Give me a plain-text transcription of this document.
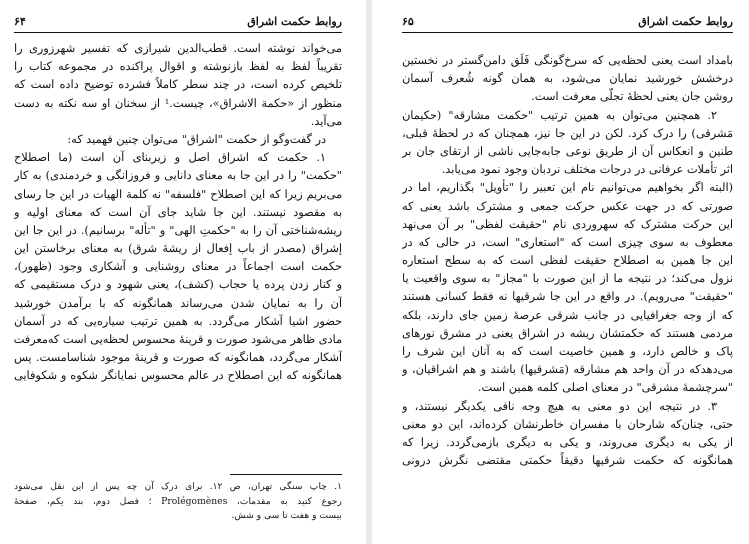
روابط حکمت اشراق
۶۴
می‌خواند نوشته است. قطب‌الدین شیرازی که تفسیر شهرزوری را
تقریباً لفظ به لفظ بازنوشته و اقوال پراکنده در مجموعه کتاب را
تلخیص کرده است، در چند سطر کاملاً فشرده توضیح داده است که
منظور از «حکمة الاشراق»، چیست.¹ از سخنان او سه نکته به دست
می‌آید.
در گفت‌وگو از حکمت "اشراق" می‌توان چنین فهمید که:
۱. حکمت که اشراق اصل و زیربنای آن است (ما اصطلاح
"حکمت" را در این جا به معنای دانایی و فروزانگی و خردمندی) به کار
می‌بریم زیرا که این اصطلاح "فلسفه" نه کلمة الهیات در این جا رسای
به مقصود نیستند. این جا شاید جای آن است که معنای اولیه و
ریشه‌شناختی آن را به "حکمتِ الهی" و "تأله" برسانیم). در این جا این
إشراق (مصدر از باب إفعال از ریشهٔ شرق) به معنای برخاستن این
حکمت است اجماعاً در معنای روشنایی و آشکاری وجود (ظهور)،
و کنار زدن پرده یا حجاب (کشف)، یعنی شهود و درک مستقیمی که
آن را به نمایان شدن می‌رساند همانگونه که با برآمدن خورشید
حضور اشیا آشکار می‌گردد. به همین ترتیب سیاره‌یی که در آسمان
مادی ظاهر می‌شود صورت و قرینهٔ محسوس لحظه‌یی است که‌معرفت
آشکار می‌گردد، همانگونه که صورت و قرینهٔ موجود شناسامست. پس
همانگونه که این اصطلاح در عالم محسوس نمایانگر شکوه و شکوفایی
۱. چاپ سنگی تهران، ص ۱۲. برای درک آن چه پس از این نقل می‌شود
رجوع کنید به مقدمات، Prolégomènes ؛ فصل دوم، بند یکم، صفحهٔ
بیست و هفت تا سی و شش.
روابط حکمت اشراق
۶۵
بامداد است یعنی لحظه‌یی که سرخ‌گونگی فَلَق دامن‌گستر در نخستین
درخشش خورشید نمایان می‌شود، به همان گونه شُعرف آسمان
روشن جان یعنی لحظهٔ تجلّی معرفت است.
۲. همچنین می‌توان به همین ترتیب "حکمت مشارقه" (حکیمان
مَشرقی) را درک کرد. لکن در این جا نیز، همچنان که در لحظهٔ قبلی،
طنین و انعکاس آن از طریق نوعی جابه‌جایی ناشی از ارتقای جان بر
اثر تأملات عرفانی در درجات مختلف نردبان وجود نمود می‌یابد.
(البته اگر بخواهیم می‌توانیم نام این تعبیر را "تأویل" بگذاریم، اما در
صورتی که در جهت عکس حرکت جمعی و مشترک باشد یعنی که
این حرکت مشترک که سهروردی نام "حقیقت لفظی" بر آن می‌نهد
معطوف به سوی چیزی است که "استعاری" است، در حالی که در
این جا همین به اصطلاح حقیقت لفظی است که به سطح استعاره
نزول می‌کند؛ در نتیجه ما از این صورت با "مجاز" به سوی واقعیت یا
"حقیقت" می‌رویم). در واقع در این جا شرقیها نه فقط کسانی هستند
که از وجه جغرافیایی در جانب شرقی عرصهٔ زمین جای دارند، بلکه
مردمی هستند که حکمتشان ریشه در اشراق یعنی در مشرق نورهای
پاک و خالص دارد، و همین خاصیت است که به آنان این شرف را
می‌دهدکه در آن واحد هم مشارقه (مَشرقیها) باشند و هم اشراقیان، و
"سرچشمهٔ مشرقی" در معنای اصلی کلمه همین است.
۳. در نتیجه این دو معنی به هیچ وجه نافی یکدیگر نیستند، و
حتی، چنان‌که شارحان با مفسران خاطرنشان کرده‌اند، این دو معنی
از یکی به دیگری می‌روند، و یکی به دیگری بازمی‌گردد. زیرا که
همانگونه که حکمت شرقیها دقیقاً حکمتی مقتضی نگرش درونی
